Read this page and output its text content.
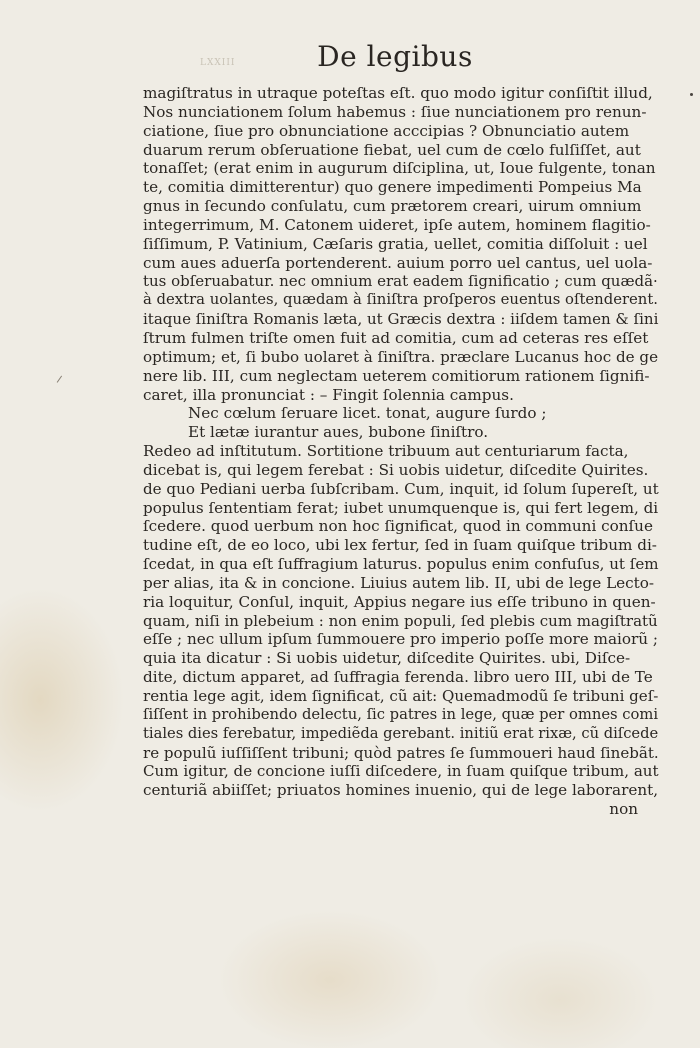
LXXIII	De legibus
magiſtratus in utraque poteſtas eſt. quo modo igitur conſiſtit illud,
Nos nunciationem ſolum habemus : ſiue nunciationem pro renun-
ciatione, ſiue pro obnunciatione acccipias ? Obnunciatio autem
duarum rerum obſeruatione fiebat, uel cum de cœlo fulſiſſet, aut
tonaſſet; (erat enim in augurum diſciplina, ut, Ioue fulgente, tonan
te, comitia dimitterentur) quo genere impedimenti Pompeius Ma
gnus in ſecundo conſulatu, cum prætorem creari, uirum omnium
integerrimum, M. Catonem uideret, ipſe autem, hominem flagitio-
ſiſſimum, P. Vatinium, Cæſaris gratia, uellet, comitia diſſoluit : uel
cum aues aduerſa portenderent. auium porro uel cantus, uel uola-
tus obſeruabatur. nec omnium erat eadem ſignificatio ; cum quædã·
à dextra uolantes, quædam à ſiniſtra proſperos euentus oſtenderent.
itaque ſiniſtra Romanis læta, ut Græcis dextra : iiſdem tamen & ſini
ſtrum fulmen triſte omen fuit ad comitia, cum ad ceteras res eſſet
optimum; et, ſi bubo uolaret à ſiniſtra. præclare Lucanus hoc de ge
nere lib. III, cum neglectam ueterem comitiorum rationem ſignifi-
caret, illa pronunciat : – Fingit ſolennia campus.
Nec cœlum ſeruare licet. tonat, augure ſurdo ;
Et lætæ iurantur aues, bubone ſiniſtro.
Redeo ad inſtitutum. Sortitione tribuum aut centuriarum facta,
dicebat is, qui legem ferebat : Si uobis uidetur, diſcedite Quirites.
de quo Pediani uerba ſubſcribam. Cum, inquit, id ſolum ſupereſt, ut
populus ſententiam ferat; iubet unumquenque is, qui fert legem, di
ſcedere. quod uerbum non hoc ſignificat, quod in communi conſue
tudine eſt, de eo loco, ubi lex fertur, ſed in ſuam quiſque tribum di-
ſcedat, in qua eſt ſuffragium laturus. populus enim confuſus, ut ſem
per alias, ita & in concione. Liuius autem lib. II, ubi de lege Lecto-
ria loquitur, Conſul, inquit, Appius negare ius eſſe tribuno in quen-
quam, niſi in plebeium : non enim populi, ſed plebis cum magiſtratũ
eſſe ; nec ullum ipſum ſummouere pro imperio poſſe more maiorũ ;
quia ita dicatur : Si uobis uidetur, diſcedite Quirites. ubi, Diſce-
dite, dictum apparet, ad ſuffragia ferenda. libro uero III, ubi de Te
rentia lege agit, idem ſignificat, cũ ait: Quemadmodũ ſe tribuni geſ-
ſiſſent in prohibendo delectu, ſic patres in lege, quæ per omnes comi
tiales dies ferebatur, impediẽda gerebant. initiũ erat rixæ, cũ diſcede
re populũ iuſſiſſent tribuni; quòd patres ſe ſummoueri haud ſinebãt.
Cum igitur, de concione iuſſi diſcedere, in ſuam quiſque tribum, aut
centuriã abiiſſet; priuatos homines inuenio, qui de lege laborarent,
non
